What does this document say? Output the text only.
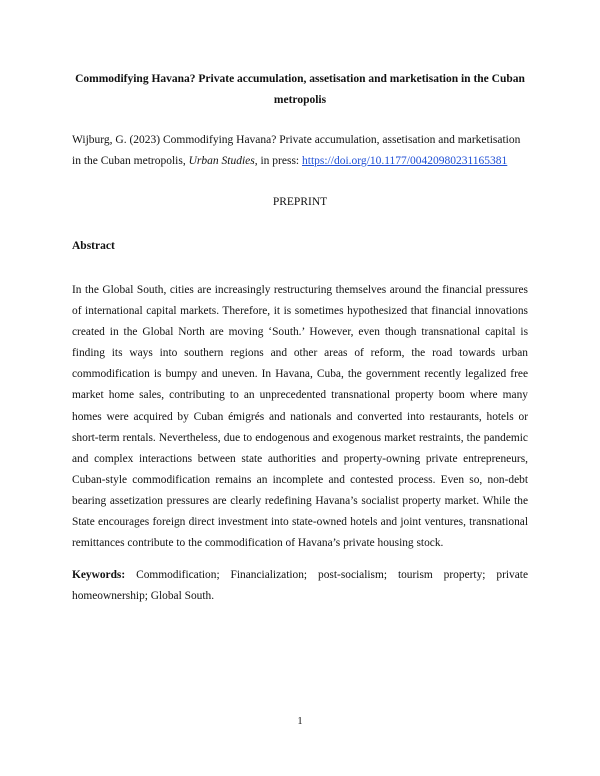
Commodifying Havana? Private accumulation, assetisation and marketisation in the Cuban metropolis

Wijburg, G. (2023) Commodifying Havana? Private accumulation, assetisation and marketisation in the Cuban metropolis, Urban Studies, in press: https://doi.org/10.1177/00420980231165381

PREPRINT

Abstract

In the Global South, cities are increasingly restructuring themselves around the financial pressures of international capital markets. Therefore, it is sometimes hypothesized that financial innovations created in the Global North are moving ‘South.’ However, even though transnational capital is finding its ways into southern regions and other areas of reform, the road towards urban commodification is bumpy and uneven. In Havana, Cuba, the government recently legalized free market home sales, contributing to an unprecedented transnational property boom where many homes were acquired by Cuban émigrés and nationals and converted into restaurants, hotels or short-term rentals. Nevertheless, due to endogenous and exogenous market restraints, the pandemic and complex interactions between state authorities and property-owning private entrepreneurs, Cuban-style commodification remains an incomplete and contested process. Even so, non-debt bearing assetization pressures are clearly redefining Havana’s socialist property market. While the State encourages foreign direct investment into state-owned hotels and joint ventures, transnational remittances contribute to the commodification of Havana’s private housing stock.

Keywords: Commodification; Financialization; post-socialism; tourism property; private homeownership; Global South.

1
